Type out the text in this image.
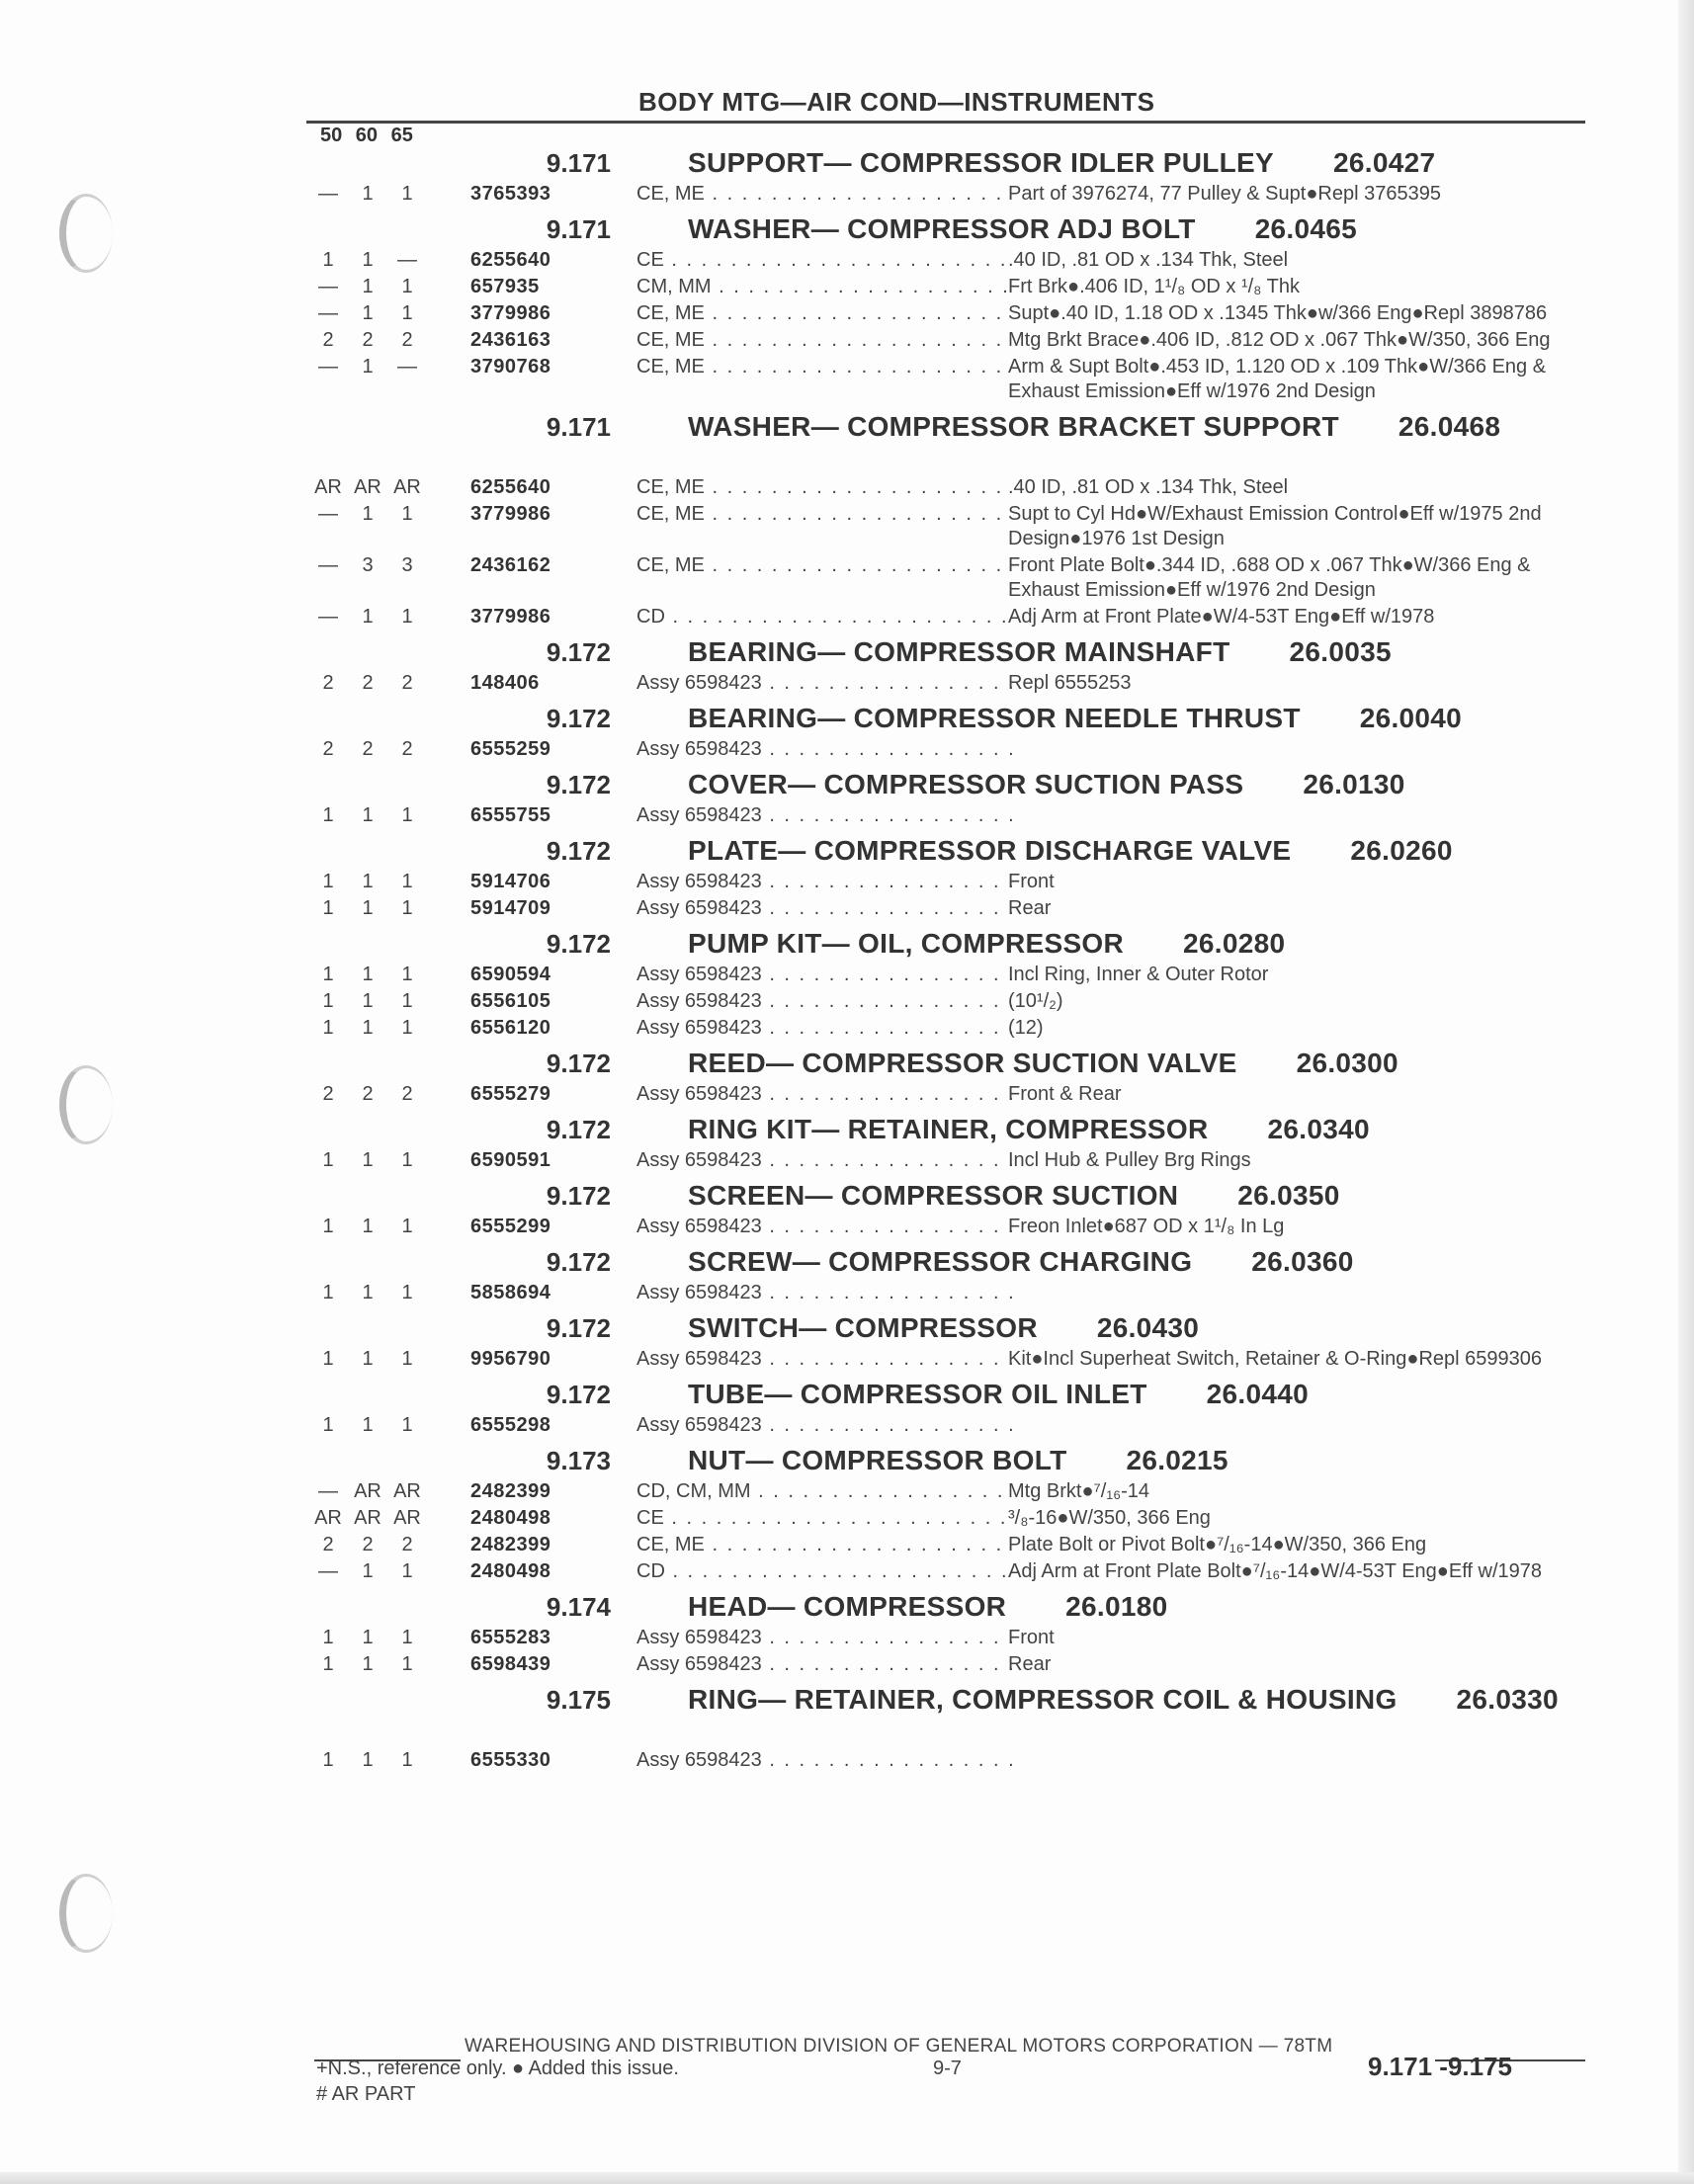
BODY MTG—AIR COND—INSTRUMENTS
50 60 65
9.171	SUPPORT— COMPRESSOR IDLER PULLEY 26.0427
—	1	1	3765393	CE, ME . . .	Part of 3976274, 77 Pulley & Supt●Repl 3765395
9.171	WASHER— COMPRESSOR ADJ BOLT 26.0465
1	1	—	6255640	CE . . .	.40 ID, .81 OD x .134 Thk, Steel
—	1	1	657935	CM, MM . . .	Frt Brk●.406 ID, 1¹/₈ OD x ¹/₈ Thk
—	1	1	3779986	CE, ME . . .	Supt●.40 ID, 1.18 OD x .1345 Thk●w/366 Eng●Repl 3898786
2	2	2	2436163	CE, ME . . .	Mtg Brkt Brace●.406 ID, .812 OD x .067 Thk●W/350, 366 Eng
—	1	—	3790768	CE, ME . . .	Arm & Supt Bolt●.453 ID, 1.120 OD x .109 Thk●W/366 Eng & Exhaust Emission●Eff w/1976 2nd Design
9.171	WASHER— COMPRESSOR BRACKET SUPPORT 26.0468
AR AR AR	6255640	CE, ME . . .	.40 ID, .81 OD x .134 Thk, Steel
—	1	1	3779986	CE, ME . . .	Supt to Cyl Hd●W/Exhaust Emission Control●Eff w/1975 2nd Design●1976 1st Design
—	3	3	2436162	CE, ME . . .	Front Plate Bolt●.344 ID, .688 OD x .067 Thk●W/366 Eng & Exhaust Emission●Eff w/1976 2nd Design
—	1	1	3779986	CD . . .	Adj Arm at Front Plate●W/4-53T Eng●Eff w/1978
9.172	BEARING— COMPRESSOR MAINSHAFT 26.0035
2	2	2	148406	Assy 6598423 . . .	Repl 6555253
9.172	BEARING— COMPRESSOR NEEDLE THRUST 26.0040
2	2	2	6555259	Assy 6598423 . . .

9.172	COVER— COMPRESSOR SUCTION PASS 26.0130
1	1	1	6555755	Assy 6598423 . . .

9.172	PLATE— COMPRESSOR DISCHARGE VALVE 26.0260
1	1	1	5914706	Assy 6598423 . . .	Front
1	1	1	5914709	Assy 6598423 . . .	Rear
9.172	PUMP KIT— OIL, COMPRESSOR 26.0280
1	1	1	6590594	Assy 6598423 . . .	Incl Ring, Inner & Outer Rotor
1	1	1	6556105	Assy 6598423 . . .	(10¹/₂)
1	1	1	6556120	Assy 6598423 . . .	(12)
9.172	REED— COMPRESSOR SUCTION VALVE 26.0300
2	2	2	6555279	Assy 6598423 . . .	Front & Rear
9.172	RING KIT— RETAINER, COMPRESSOR 26.0340
1	1	1	6590591	Assy 6598423 . . .	Incl Hub & Pulley Brg Rings
9.172	SCREEN— COMPRESSOR SUCTION 26.0350
1	1	1	6555299	Assy 6598423 . . .	Freon Inlet●687 OD x 1¹/₈ In Lg
9.172	SCREW— COMPRESSOR CHARGING 26.0360
1	1	1	5858694	Assy 6598423 . . .

9.172	SWITCH— COMPRESSOR 26.0430
1	1	1	9956790	Assy 6598423 . . .	Kit●Incl Superheat Switch, Retainer & O-Ring●Repl 6599306
9.172	TUBE— COMPRESSOR OIL INLET 26.0440
1	1	1	6555298	Assy 6598423 . . .

9.173	NUT— COMPRESSOR BOLT 26.0215
— AR AR	2482399	CD, CM, MM . . .	Mtg Brkt●⁷/₁₆-14
AR AR AR	2480498	CE . . .	³/₈-16●W/350, 366 Eng
2	2	2	2482399	CE, ME . . .	Plate Bolt or Pivot Bolt●⁷/₁₆-14●W/350, 366 Eng
—	1	1	2480498	CD . . .	Adj Arm at Front Plate Bolt●⁷/₁₆-14●W/4-53T Eng●Eff w/1978
9.174	HEAD— COMPRESSOR 26.0180
1	1	1	6555283	Assy 6598423 . . .	Front
1	1	1	6598439	Assy 6598423 . . .	Rear
9.175	RING— RETAINER, COMPRESSOR COIL & HOUSING 26.0330
1	1	1	6555330	Assy 6598423 . . .

WAREHOUSING AND DISTRIBUTION DIVISION OF GENERAL MOTORS CORPORATION — 78TM
+N.S., reference only. ● Added this issue.
# AR PART
9-7	9.171 -9.175
